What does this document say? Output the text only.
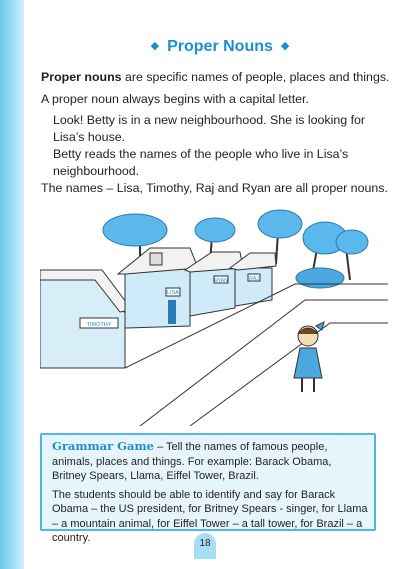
◆ Proper Nouns ◆
Proper nouns are specific names of people, places and things.
A proper noun always begins with a capital letter.
Look! Betty is in a new neighbourhood. She is looking for Lisa’s house.
Betty reads the names of the people who live in Lisa’s neighbourhood.
The names – Lisa, Timothy, Raj and Ryan are all proper nouns.
TIMOTHY
LISA
RYAN	RAJ

Grammar Game – Tell the names of famous people, animals, places and things. For example: Barack Obama, Britney Spears, Llama, Eiffel Tower, Brazil.

The students should be able to identify and say for Barack Obama – the US president, for Britney Spears - singer, for Llama – a mountain animal, for Eiffel Tower – a tall tower, for Brazil – a country.	18
